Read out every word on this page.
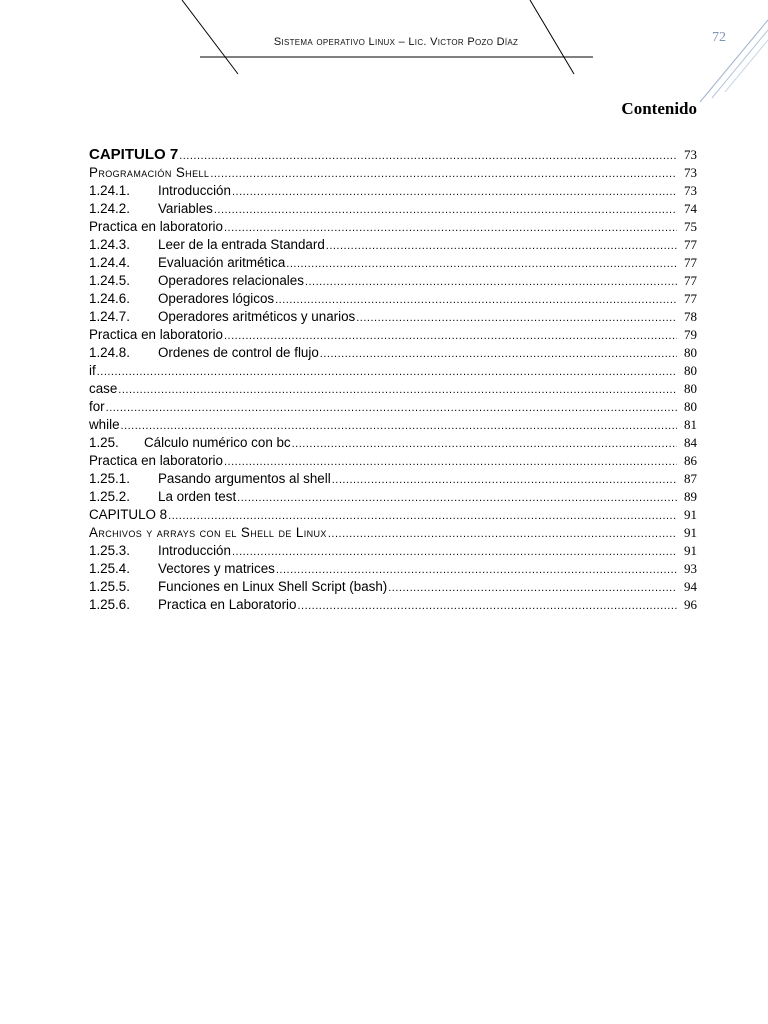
Sistema operativo Linux – Lic. Victor Pozo Díaz	72
Contenido
CAPITULO 7 .....	73
Programación Shell .....	73
1.24.1.	Introducción .....	73
1.24.2.	Variables .....	74
Practica en laboratorio .....	75
1.24.3.	Leer de la entrada Standard .....	77
1.24.4.	Evaluación aritmética .....	77
1.24.5.	Operadores relacionales .....	77
1.24.6.	Operadores lógicos .....	77
1.24.7.	Operadores aritméticos y unarios .....	78
Practica en laboratorio .....	79
1.24.8.	Ordenes de control de flujo .....	80
if .....	80
case .....	80
for .....	80
while .....	81
1.25.	Cálculo numérico con bc .....	84
Practica en laboratorio .....	86
1.25.1.	Pasando argumentos al shell .....	87
1.25.2.	La orden test .....	89
CAPITULO 8 .....	91
Archivos y arrays con el Shell de Linux .....	91
1.25.3.	Introducción .....	91
1.25.4.	Vectores y matrices .....	93
1.25.5.	Funciones en Linux Shell Script (bash) .....	94
1.25.6.	Practica en Laboratorio .....	96
